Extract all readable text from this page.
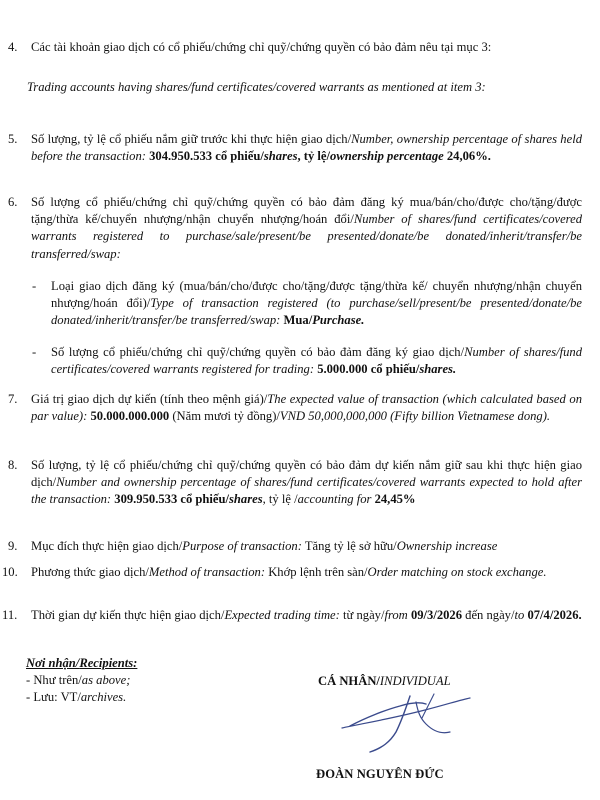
4. Các tài khoản giao dịch có cổ phiếu/chứng chỉ quỹ/chứng quyền có bảo đảm nêu tại mục 3:
Trading accounts having shares/fund certificates/covered warrants as mentioned at item 3:
5. Số lượng, tỷ lệ cổ phiếu nắm giữ trước khi thực hiện giao dịch/Number, ownership percentage of shares held before the transaction: 304.950.533 cổ phiếu/shares, tỷ lệ/ownership percentage 24,06%.
6. Số lượng cổ phiếu/chứng chỉ quỹ/chứng quyền có bảo đảm đăng ký mua/bán/cho/được cho/tặng/được tặng/thừa kế/chuyển nhượng/nhận chuyển nhượng/hoán đổi/Number of shares/fund certificates/covered warrants registered to purchase/sale/present/be presented/donate/be donated/inherit/transfer/be transferred/swap:
- Loại giao dịch đăng ký (mua/bán/cho/được cho/tặng/được tặng/thừa kế/ chuyển nhượng/nhận chuyển nhượng/hoán đổi)/Type of transaction registered (to purchase/sell/present/be presented/donate/be donated/inherit/transfer/be transferred/swap: Mua/Purchase.
- Số lượng cổ phiếu/chứng chỉ quỹ/chứng quyền có bảo đảm đăng ký giao dịch/Number of shares/fund certificates/covered warrants registered for trading: 5.000.000 cổ phiếu/shares.
7. Giá trị giao dịch dự kiến (tính theo mệnh giá)/The expected value of transaction (which calculated based on par value): 50.000.000.000 (Năm mươi tỷ đồng)/VND 50,000,000,000 (Fifty billion Vietnamese dong).
8. Số lượng, tỷ lệ cổ phiếu/chứng chỉ quỹ/chứng quyền có bảo đảm dự kiến nắm giữ sau khi thực hiện giao dịch/Number and ownership percentage of shares/fund certificates/covered warrants expected to hold after the transaction: 309.950.533 cổ phiếu/shares, tỷ lệ /accounting for 24,45%
9. Mục đích thực hiện giao dịch/Purpose of transaction: Tăng tỷ lệ sở hữu/Ownership increase
10. Phương thức giao dịch/Method of transaction: Khớp lệnh trên sàn/Order matching on stock exchange.
11. Thời gian dự kiến thực hiện giao dịch/Expected trading time: từ ngày/from 09/3/2026 đến ngày/to 07/4/2026.
Nơi nhận/Recipients:
- Như trên/as above;
- Lưu: VT/archives.
CÁ NHÂN/INDIVIDUAL
ĐOÀN NGUYÊN ĐỨC
